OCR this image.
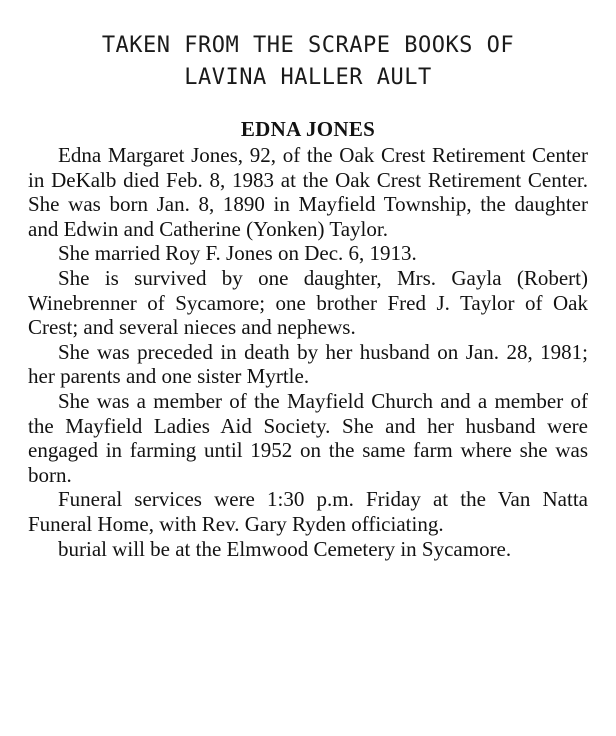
TAKEN FROM THE SCRAPE BOOKS OF
LAVINA HALLER AULT
EDNA JONES

Edna Margaret Jones, 92, of the Oak Crest Retirement Center in DeKalb died Feb. 8, 1983 at the Oak Crest Retirement Center. She was born Jan. 8, 1890 in Mayfield Township, the daughter and Edwin and Catherine (Yonken) Taylor.

She married Roy F. Jones on Dec. 6, 1913.

She is survived by one daughter, Mrs. Gayla (Robert) Winebrenner of Sycamore; one brother Fred J. Taylor of Oak Crest; and several nieces and nephews.

She was preceded in death by her husband on Jan. 28, 1981; her parents and one sister Myrtle.

She was a member of the Mayfield Church and a member of the Mayfield Ladies Aid Society. She and her husband were engaged in farming until 1952 on the same farm where she was born.

Funeral services were 1:30 p.m. Friday at the Van Natta Funeral Home, with Rev. Gary Ryden officiating.

burial will be at the Elmwood Cemetery in Sycamore.
